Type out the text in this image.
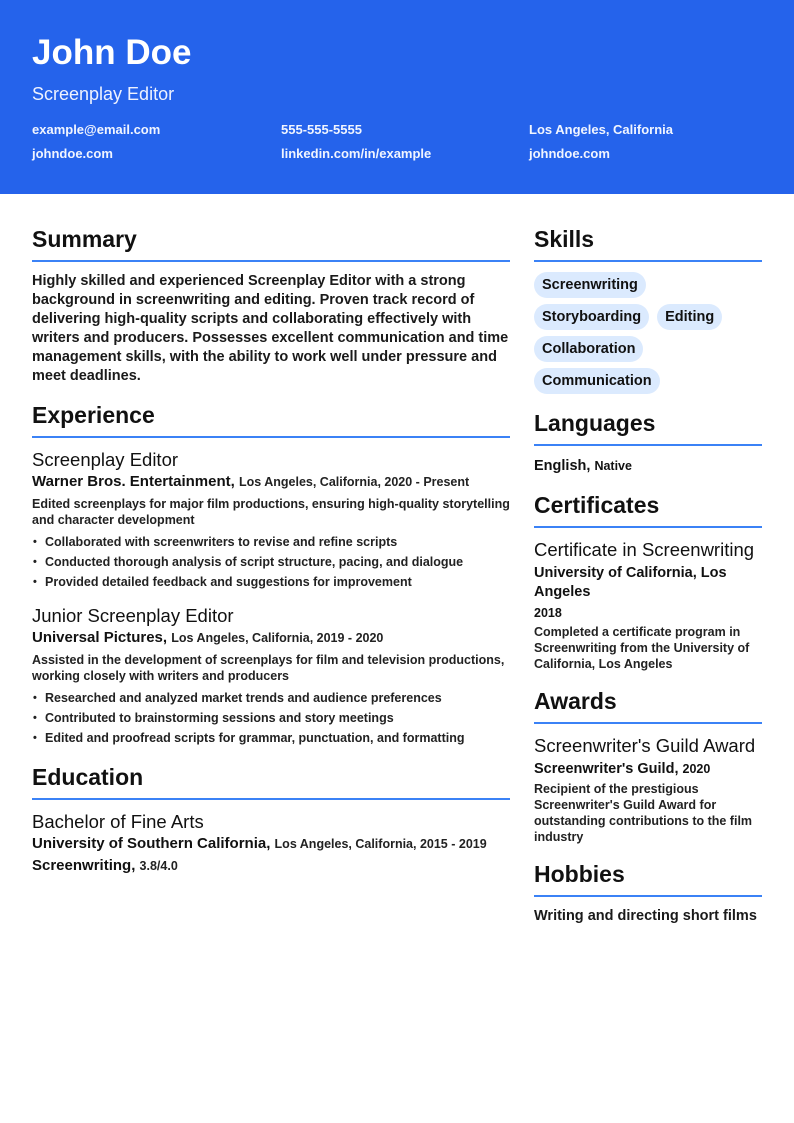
John Doe
Screenplay Editor
example@email.com	555-555-5555	Los Angeles, California
johndoe.com	linkedin.com/in/example	johndoe.com
Summary
Highly skilled and experienced Screenplay Editor with a strong background in screenwriting and editing. Proven track record of delivering high-quality scripts and collaborating effectively with writers and producers. Possesses excellent communication and time management skills, with the ability to work well under pressure and meet deadlines.
Experience
Screenplay Editor
Warner Bros. Entertainment, Los Angeles, California, 2020 - Present
Edited screenplays for major film productions, ensuring high-quality storytelling and character development
• Collaborated with screenwriters to revise and refine scripts
• Conducted thorough analysis of script structure, pacing, and dialogue
• Provided detailed feedback and suggestions for improvement
Junior Screenplay Editor
Universal Pictures, Los Angeles, California, 2019 - 2020
Assisted in the development of screenplays for film and television productions, working closely with writers and producers
• Researched and analyzed market trends and audience preferences
• Contributed to brainstorming sessions and story meetings
• Edited and proofread scripts for grammar, punctuation, and formatting
Education
Bachelor of Fine Arts
University of Southern California, Los Angeles, California, 2015 - 2019
Screenwriting, 3.8/4.0
Skills
Screenwriting
Storyboarding	Editing
Collaboration
Communication
Languages
English, Native
Certificates
Certificate in Screenwriting
University of California, Los Angeles
2018
Completed a certificate program in Screenwriting from the University of California, Los Angeles
Awards
Screenwriter's Guild Award
Screenwriter's Guild, 2020
Recipient of the prestigious Screenwriter's Guild Award for outstanding contributions to the film industry
Hobbies
Writing and directing short films
